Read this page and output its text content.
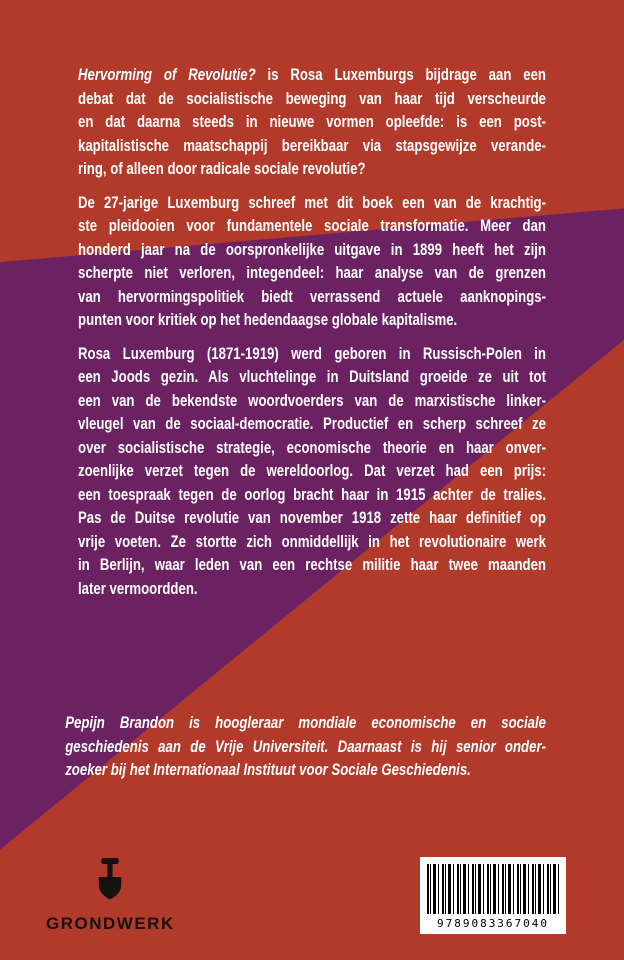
Hervorming of Revolutie? is Rosa Luxemburgs bijdrage aan een
debat dat de socialistische beweging van haar tijd verscheurde
en dat daarna steeds in nieuwe vormen opleefde: is een post-
kapitalistische maatschappij bereikbaar via stapsgewijze verande-
ring, of alleen door radicale sociale revolutie?
De 27-jarige Luxemburg schreef met dit boek een van de krachtig-
ste pleidooien voor fundamentele sociale transformatie. Meer dan
honderd jaar na de oorspronkelijke uitgave in 1899 heeft het zijn
scherpte niet verloren, integendeel: haar analyse van de grenzen
van hervormingspolitiek biedt verrassend actuele aanknopings-
punten voor kritiek op het hedendaagse globale kapitalisme.
Rosa Luxemburg (1871-1919) werd geboren in Russisch-Polen in
een Joods gezin. Als vluchtelinge in Duitsland groeide ze uit tot
een van de bekendste woordvoerders van de marxistische linker-
vleugel van de sociaal-democratie. Productief en scherp schreef ze
over socialistische strategie, economische theorie en haar onver-
zoenlijke verzet tegen de wereldoorlog. Dat verzet had een prijs:
een toespraak tegen de oorlog bracht haar in 1915 achter de tralies.
Pas de Duitse revolutie van november 1918 zette haar definitief op
vrije voeten. Ze stortte zich onmiddellijk in het revolutionaire werk
in Berlijn, waar leden van een rechtse militie haar twee maanden
later vermoordden.
Pepijn Brandon is hoogleraar mondiale economische en sociale
geschiedenis aan de Vrije Universiteit. Daarnaast is hij senior onder-
zoeker bij het Internationaal Instituut voor Sociale Geschiedenis.
GRONDWERK	9789083367040
